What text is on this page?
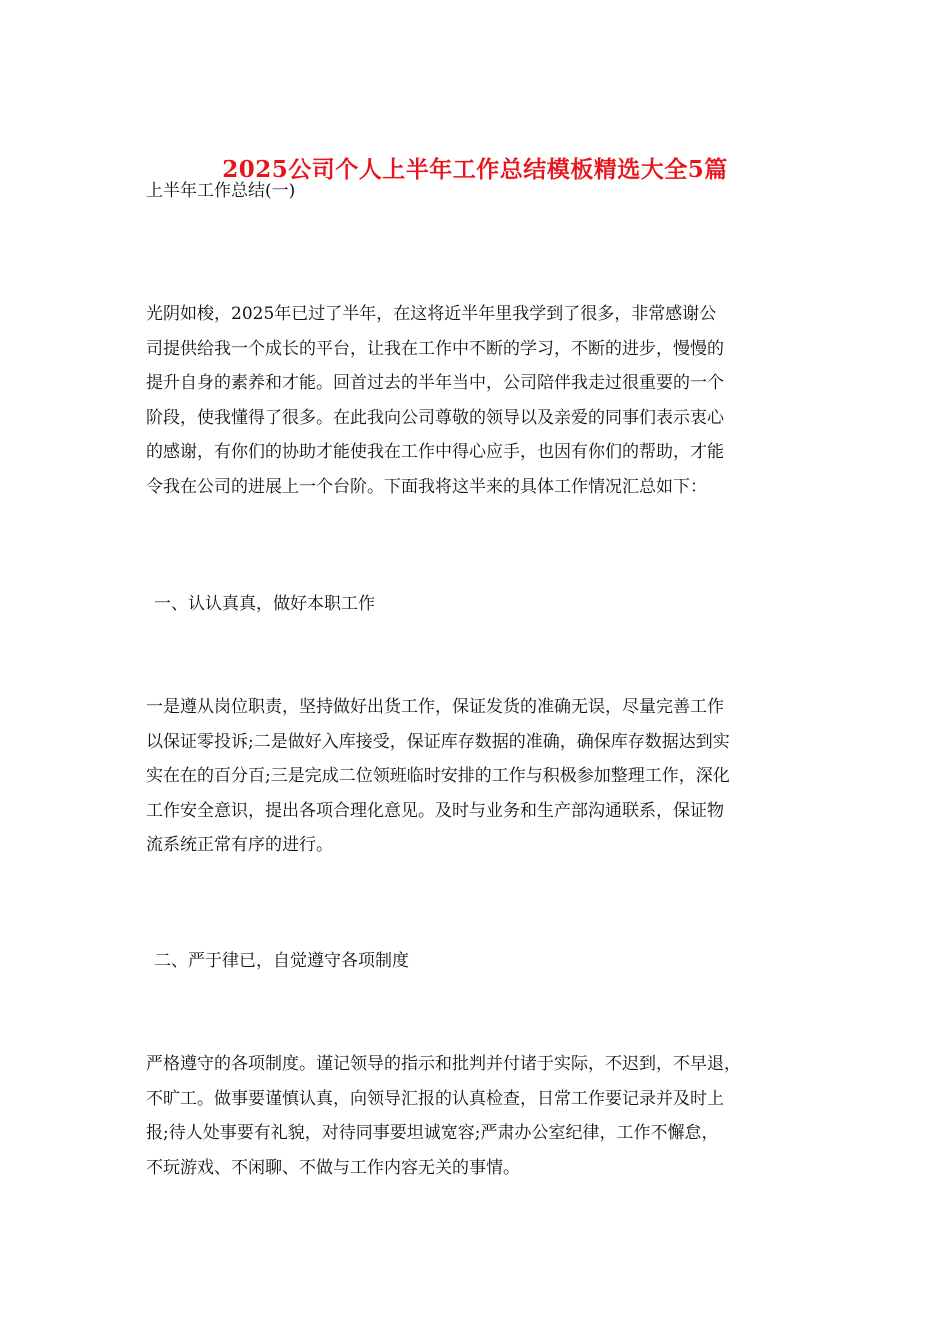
2025公司个人上半年工作总结模板精选大全5篇
上半年工作总结(一)
光阴如梭，2025年已过了半年，在这将近半年里我学到了很多，非常感谢公
司提供给我一个成长的平台，让我在工作中不断的学习，不断的进步，慢慢的
提升自身的素养和才能。回首过去的半年当中，公司陪伴我走过很重要的一个
阶段，使我懂得了很多。在此我向公司尊敬的领导以及亲爱的同事们表示衷心
的感谢，有你们的协助才能使我在工作中得心应手，也因有你们的帮助，才能
令我在公司的进展上一个台阶。下面我将这半来的具体工作情况汇总如下：
一、认认真真，做好本职工作
一是遵从岗位职责，坚持做好出货工作，保证发货的准确无误，尽量完善工作
以保证零投诉;二是做好入库接受，保证库存数据的准确，确保库存数据达到实
实在在的百分百;三是完成二位领班临时安排的工作与积极参加整理工作，深化
工作安全意识，提出各项合理化意见。及时与业务和生产部沟通联系，保证物
流系统正常有序的进行。
二、严于律已，自觉遵守各项制度
严格遵守的各项制度。谨记领导的指示和批判并付诸于实际，不迟到，不早退，
不旷工。做事要谨慎认真，向领导汇报的认真检查，日常工作要记录并及时上
报;待人处事要有礼貌，对待同事要坦诚宽容;严肃办公室纪律，工作不懈怠，
不玩游戏、不闲聊、不做与工作内容无关的事情。
